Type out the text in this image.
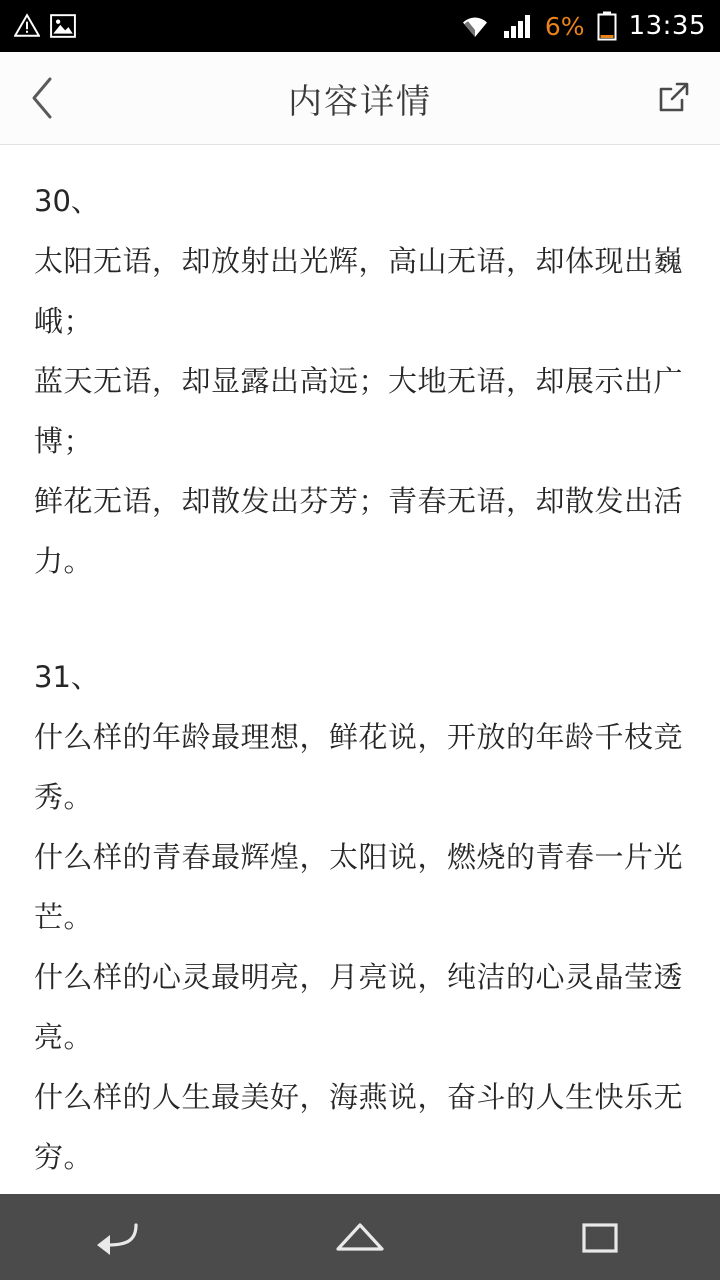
6% 13:35
内容详情
30、
太阳无语，却放射出光辉，高山无语，却体现出巍峨；
蓝天无语，却显露出高远；大地无语，却展示出广博；
鲜花无语，却散发出芬芳；青春无语，却散发出活力。
31、
什么样的年龄最理想，鲜花说，开放的年龄千枝竞秀。
什么样的青春最辉煌，太阳说，燃烧的青春一片光芒。
什么样的心灵最明亮，月亮说，纯洁的心灵晶莹透亮。
什么样的人生最美好，海燕说，奋斗的人生快乐无穷。
